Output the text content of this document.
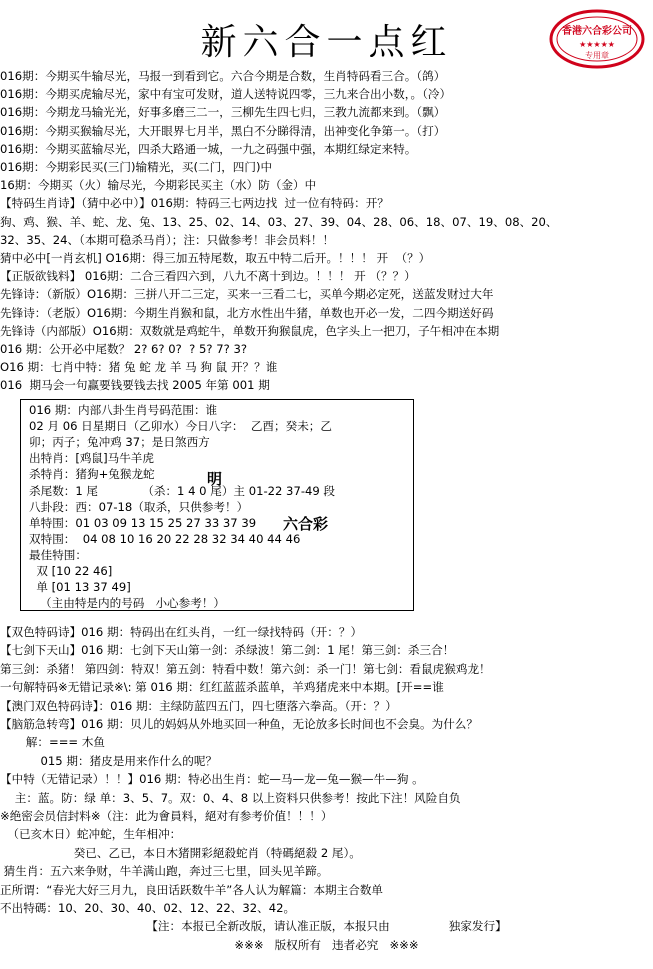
新六合一点红	香港六合彩公司
★★★★★
专用章
016期：今期买牛输尽光，马报一到看到它。六合今期是合数，生肖特码看三合。（鸽）
016期：今期买虎输尽光，家中有宝可发财，道人送特说四零，三九来合出小数，。（冷）
016期：今期龙马输光光，好事多磨三二一，三柳先生四七归，三教九流都来到。（飘）
016期：今期买猴输尽光，大开眼界七月半，黑白不分睇得清，出神变化争第一。（打）
016期：今期买蓝输尽光，四杀大路通一城，一九之码强中强，本期红绿定来特。
016期：今期彩民买(三门)输精光，买(二门，四门)中
16期：今期买（火）输尽光，今期彩民买主（水）防（金）中
【特码生肖诗】（猜中必中）】016期：特码三七两边找  过一位有特码：开？
狗、鸡、猴、羊、蛇、龙、兔、13、25、02、14、03、27、39、04、28、06、18、07、19、08、20、
32、35、24、（本期可稳杀马肖）；注：只做参考！非会员料！！
猜中必中[一肖玄机] O16期：得三加五特尾数，取五中特二后开。！！！ 开  （？）
【正版欲钱料】 016期：二合三看四六到，八九不离十到边。！！！ 开 （？？）
先锋诗：（新版）O16期：三拼八开二三定，买来一三看二七，买单今期必定死，送蓝发财过大年
先锋诗：（老版）O16期：今期生肖猴和鼠，北方水性出牛猪，单数也开必一发，二四今期送好码
先锋诗（内部版）O16期：双数就是鸡蛇牛，单数开狗猴鼠虎，色字头上一把刀，子午相冲在本期
016 期：公开必中尾数？ 2? 6? 0?  ? 5? 7? 3?
O16 期：七肖中特：猪 兔 蛇 龙 羊 马 狗 鼠 开？？谁
016  期马会一句赢要钱要钱去找 2005 年第 001 期
016 期：内部八卦生肖号码范围：谁
02 月 06 日星期日（乙卯水）今日八字：  乙酉；癸未；乙
卯；丙子；兔冲鸡 37；是日煞西方
出特肖：[鸡鼠]马牛羊虎
杀特肖：猪狗+兔猴龙蛇
杀尾数：1 尾            （杀：1 4 0 尾）主 01-22 37-49 段
八卦段：西：07-18（取杀，只供参考！）
单特围：01 03 09 13 15 25 27 33 37 39
双特围：  04 08 10 16 20 22 28 32 34 40 44 46
最佳特围：
双 [10 22 46]
单 [01 13 37 49]
（主由特是内的号码   小心参考！）
明
六合彩
【双色特码诗】016 期：特码出在红头肖，一红一绿找特码（开：？）
【七剑下天山】016 期：七剑下天山第一剑：杀绿波！第二剑：1 尾！第三剑：杀三合！
第三剑：杀猪！ 第四剑：特双！第五剑：特看中数！第六剑：杀一门！第七剑：看鼠虎猴鸡龙！
一句解特码※无错记录※\: 第 016 期：红红蓝蓝杀蓝单，羊鸡猪虎来中本期。[开==谁
【澳门双色特码诗】：016 期：主绿防蓝四五门，四七堕落六拳高。（开：？）
【脑筋急转弯】016 期：贝儿的妈妈从外地买回一种鱼，无论放多长时间也不会臭。为什么？
解：=== 木鱼
015 期：猪皮是用来作什么的呢？
【中特（无错记录）！！】016 期：特必出生肖：蛇—马—龙—兔—猴—牛—狗 。
主：蓝。防：绿 单：3、5、7。双：0、4、8 以上资料只供参考！按此下注！风险自负
※绝密会员信封料※（注：此为會員料，絕对有参考价值！！！）
（已亥木日）蛇冲蛇，生年相冲：
癸已、乙已，本日木猪開彩絕殺蛇肖（特碼絕殺 2 尾）。
猜生肖：五六来争财，牛羊满山跑，奔过三七里，回头见羊蹄。
正所谓：“春光大好三月九，良田话跃数牛羊”各人认为解篇：本期主合数单
不出特碼：10、20、30、40、02、12、22、32、42。
【注：本报已全新改版，请认准正版，本报只由                独家发行】
※※※   版权所有   违者必究   ※※※
